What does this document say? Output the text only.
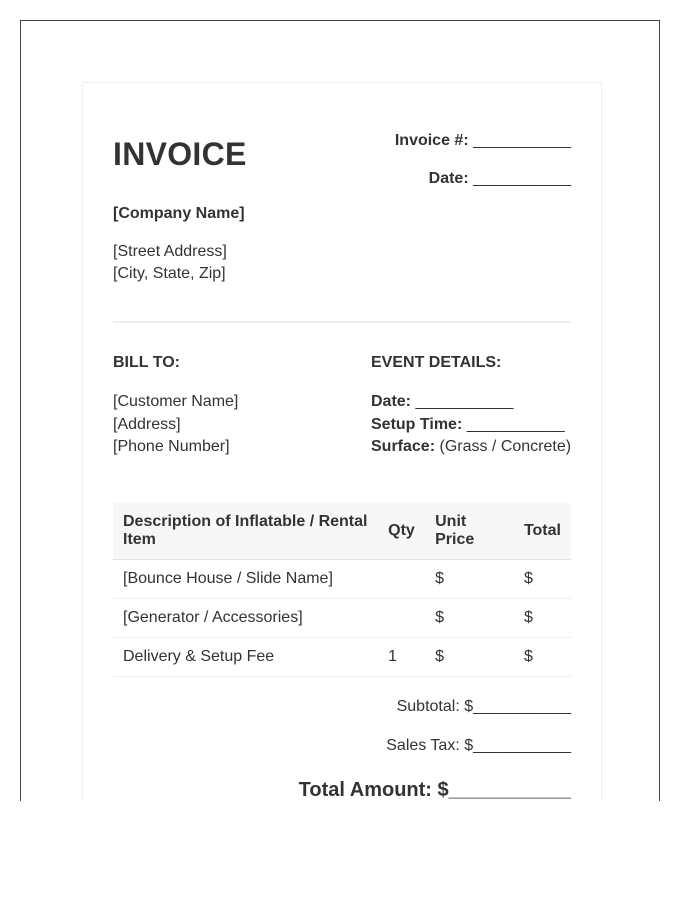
INVOICE	Invoice #: ___________
Date: ___________
[Company Name]
[Street Address]
[City, State, Zip]
BILL TO:
[Customer Name]
[Address]
[Phone Number]
EVENT DETAILS:
Date: ___________
Setup Time: ___________
Surface: (Grass / Concrete)
Description of Inflatable / Rental Item	Qty	Unit Price	Total
[Bounce House / Slide Name]		$	$
[Generator / Accessories]		$	$
Delivery & Setup Fee	1	$	$
Subtotal: $___________
Sales Tax: $___________
Total Amount: $___________
